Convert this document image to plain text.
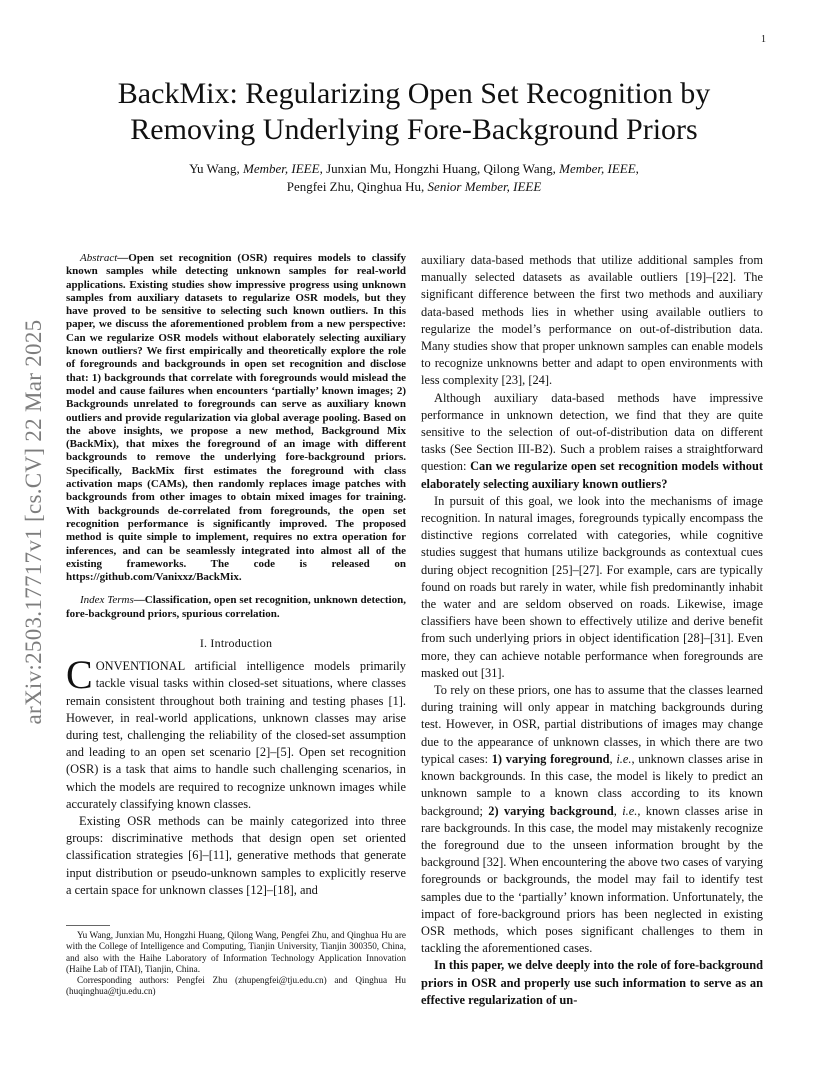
1
arXiv:2503.17717v1 [cs.CV] 22 Mar 2025
BackMix: Regularizing Open Set Recognition by Removing Underlying Fore-Background Priors
Yu Wang, Member, IEEE, Junxian Mu, Hongzhi Huang, Qilong Wang, Member, IEEE,
Pengfei Zhu, Qinghua Hu, Senior Member, IEEE

Abstract—Open set recognition (OSR) requires models to classify known samples while detecting unknown samples for real-world applications. Existing studies show impressive progress using unknown samples from auxiliary datasets to regularize OSR models, but they have proved to be sensitive to selecting such known outliers. In this paper, we discuss the aforementioned problem from a new perspective: Can we regularize OSR models without elaborately selecting auxiliary known outliers? We first empirically and theoretically explore the role of foregrounds and backgrounds in open set recognition and disclose that: 1) backgrounds that correlate with foregrounds would mislead the model and cause failures when encounters ‘partially’ known images; 2) Backgrounds unrelated to foregrounds can serve as auxiliary known outliers and provide regularization via global average pooling. Based on the above insights, we propose a new method, Background Mix (BackMix), that mixes the foreground of an image with different backgrounds to remove the underlying fore-background priors. Specifically, BackMix first estimates the foreground with class activation maps (CAMs), then randomly replaces image patches with backgrounds from other images to obtain mixed images for training. With backgrounds de-correlated from foregrounds, the open set recognition performance is significantly improved. The proposed method is quite simple to implement, requires no extra operation for inferences, and can be seamlessly integrated into almost all of the existing frameworks. The code is released on https://github.com/Vanixxz/BackMix.

Index Terms—Classification, open set recognition, unknown detection, fore-background priors, spurious correlation.

I. Introduction

CONVENTIONAL artificial intelligence models primarily tackle visual tasks within closed-set situations, where classes remain consistent throughout both training and testing phases [1]. However, in real-world applications, unknown classes may arise during test, challenging the reliability of the closed-set assumption and leading to an open set scenario [2]–[5]. Open set recognition (OSR) is a task that aims to handle such challenging scenarios, in which the models are required to recognize unknown images while accurately classifying known classes.

Existing OSR methods can be mainly categorized into three groups: discriminative methods that design open set oriented classification strategies [6]–[11], generative methods that generate input distribution or pseudo-unknown samples to explicitly reserve a certain space for unknown classes [12]–[18], and

auxiliary data-based methods that utilize additional samples from manually selected datasets as available outliers [19]–[22]. The significant difference between the first two methods and auxiliary data-based methods lies in whether using available outliers to regularize the model’s performance on out-of-distribution data. Many studies show that proper unknown samples can enable models to recognize unknowns better and adapt to open environments with less complexity [23], [24].

Although auxiliary data-based methods have impressive performance in unknown detection, we find that they are quite sensitive to the selection of out-of-distribution data on different tasks (See Section III-B2). Such a problem raises a straightforward question: Can we regularize open set recognition models without elaborately selecting auxiliary known outliers?

In pursuit of this goal, we look into the mechanisms of image recognition. In natural images, foregrounds typically encompass the distinctive regions correlated with categories, while cognitive studies suggest that humans utilize backgrounds as contextual cues during object recognition [25]–[27]. For example, cars are typically found on roads but rarely in water, while fish predominantly inhabit the water and are seldom observed on roads. Likewise, image classifiers have been shown to effectively utilize and derive benefit from such underlying priors in object identification [28]–[31]. Even more, they can achieve notable performance when foregrounds are masked out [31].

To rely on these priors, one has to assume that the classes learned during training will only appear in matching backgrounds during test. However, in OSR, partial distributions of images may change due to the appearance of unknown classes, in which there are two typical cases: 1) varying foreground, i.e., unknown classes arise in known backgrounds. In this case, the model is likely to predict an unknown sample to a known class according to its known background; 2) varying background, i.e., known classes arise in rare backgrounds. In this case, the model may mistakenly recognize the foreground due to the unseen information brought by the background [32]. When encountering the above two cases of varying foregrounds or backgrounds, the model may fail to identify test samples due to the ‘partially’ known information. Unfortunately, the impact of fore-background priors has been neglected in existing OSR methods, which poses significant challenges to them in tackling the aforementioned cases.

In this paper, we delve deeply into the role of fore-background priors in OSR and properly use such information to serve as an effective regularization of un-

Yu Wang, Junxian Mu, Hongzhi Huang, Qilong Wang, Pengfei Zhu, and Qinghua Hu are with the College of Intelligence and Computing, Tianjin University, Tianjin 300350, China, and also with the Haihe Laboratory of Information Technology Application Innovation (Haihe Lab of ITAI), Tianjin, China.

Corresponding authors: Pengfei Zhu (zhupengfei@tju.edu.cn) and Qinghua Hu (huqinghua@tju.edu.cn)
